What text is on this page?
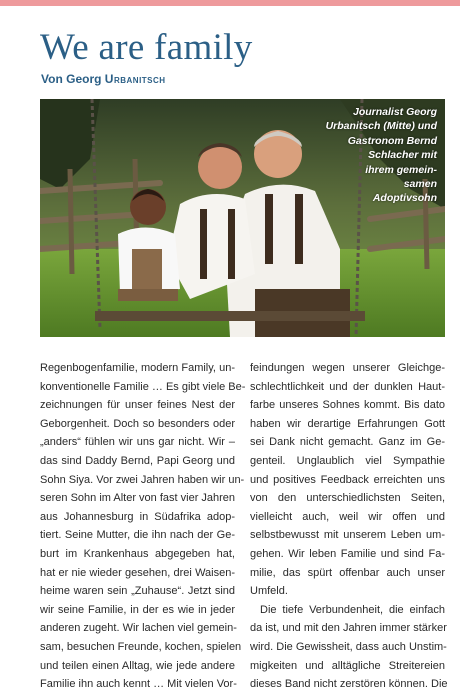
We are family
Von Georg Urbanitsch
Journalist Georg
Urbanitsch (Mitte) und
Gastronom Bernd
Schlacher mit
ihrem gemein-
samen
Adoptivsohn
Regenbogenfamilie, modern Family, un-
konventionelle Familie … Es gibt viele Be-
zeichnungen für unser feines Nest der
Geborgenheit. Doch so besonders oder
„anders“ fühlen wir uns gar nicht. Wir –
das sind Daddy Bernd, Papi Georg und
Sohn Siya. Vor zwei Jahren haben wir un-
seren Sohn im Alter von fast vier Jahren
aus Johannesburg in Südafrika adop-
tiert. Seine Mutter, die ihn nach der Ge-
burt im Krankenhaus abgegeben hat,
hat er nie wieder gesehen, drei Waisen-
heime waren sein „Zuhause“. Jetzt sind
wir seine Familie, in der es wie in jeder
anderen zugeht. Wir lachen viel gemein-
sam, besuchen Freunde, kochen, spielen
und teilen einen Alltag, wie jede andere
Familie ihn auch kennt … Mit vielen Vor-
feindungen wegen unserer Gleichge-
schlechtlichkeit und der dunklen Haut-
farbe unseres Sohnes kommt. Bis dato
haben wir derartige Erfahrungen Gott
sei Dank nicht gemacht. Ganz im Ge-
genteil. Unglaublich viel Sympathie
und positives Feedback erreichten uns
von den unterschiedlichsten Seiten,
vielleicht auch, weil wir offen und
selbstbewusst mit unserem Leben um-
gehen. Wir leben Familie und sind Fa-
milie, das spürt offenbar auch unser
Umfeld.
Die tiefe Verbundenheit, die einfach
da ist, und mit den Jahren immer stärker
wird. Die Gewissheit, dass auch Unstim-
migkeiten und alltägliche Streitereien
dieses Band nicht zerstören können. Die
